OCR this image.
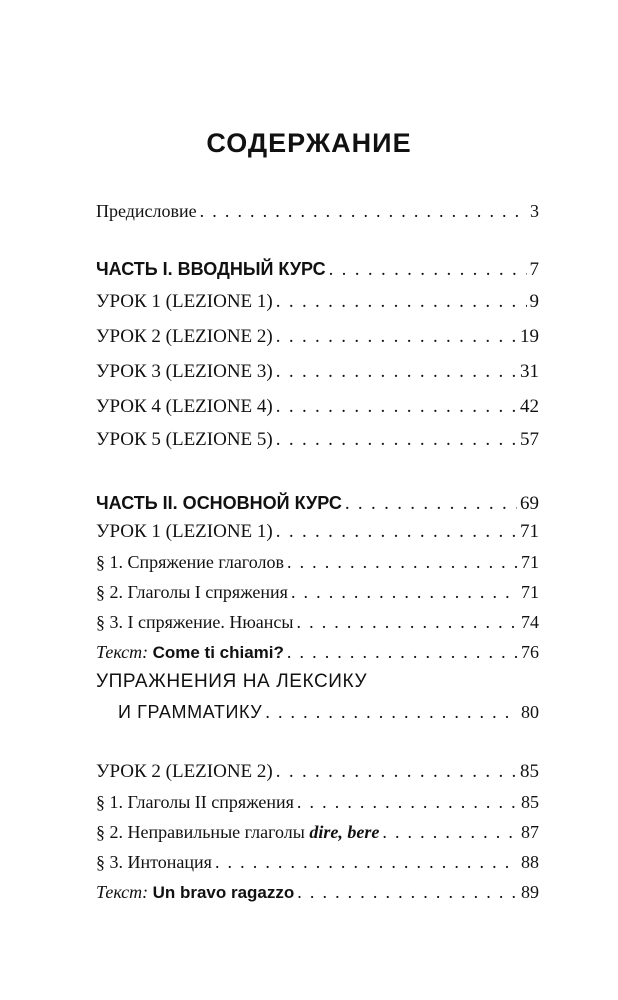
СОДЕРЖАНИЕ
Предисловие . . .	3
ЧАСТЬ I. ВВОДНЫЙ КУРС . . .	7
УРОК 1 (LEZIONE 1) . . .	9
УРОК 2 (LEZIONE 2) . . .	19
УРОК 3 (LEZIONE 3) . . .	31
УРОК 4 (LEZIONE 4) . . .	42
УРОК 5 (LEZIONE 5) . . .	57
ЧАСТЬ II. ОСНОВНОЙ КУРС . . .	69
УРОК 1 (LEZIONE 1) . . .	71
§ 1. Спряжение глаголов . . .	71
§ 2. Глаголы I спряжения . . .	71
§ 3. I спряжение. Нюансы . . .	74
Текст: Come ti chiami? . . .	76
УПРАЖНЕНИЯ НА ЛЕКСИКУ
И ГРАММАТИКУ . . .	80
УРОК 2 (LEZIONE 2) . . .	85
§ 1. Глаголы II спряжения . . .	85
§ 2. Неправильные глаголы dire, bere . . .	87
§ 3. Интонация . . .	88
Текст: Un bravo ragazzo . . .	89
